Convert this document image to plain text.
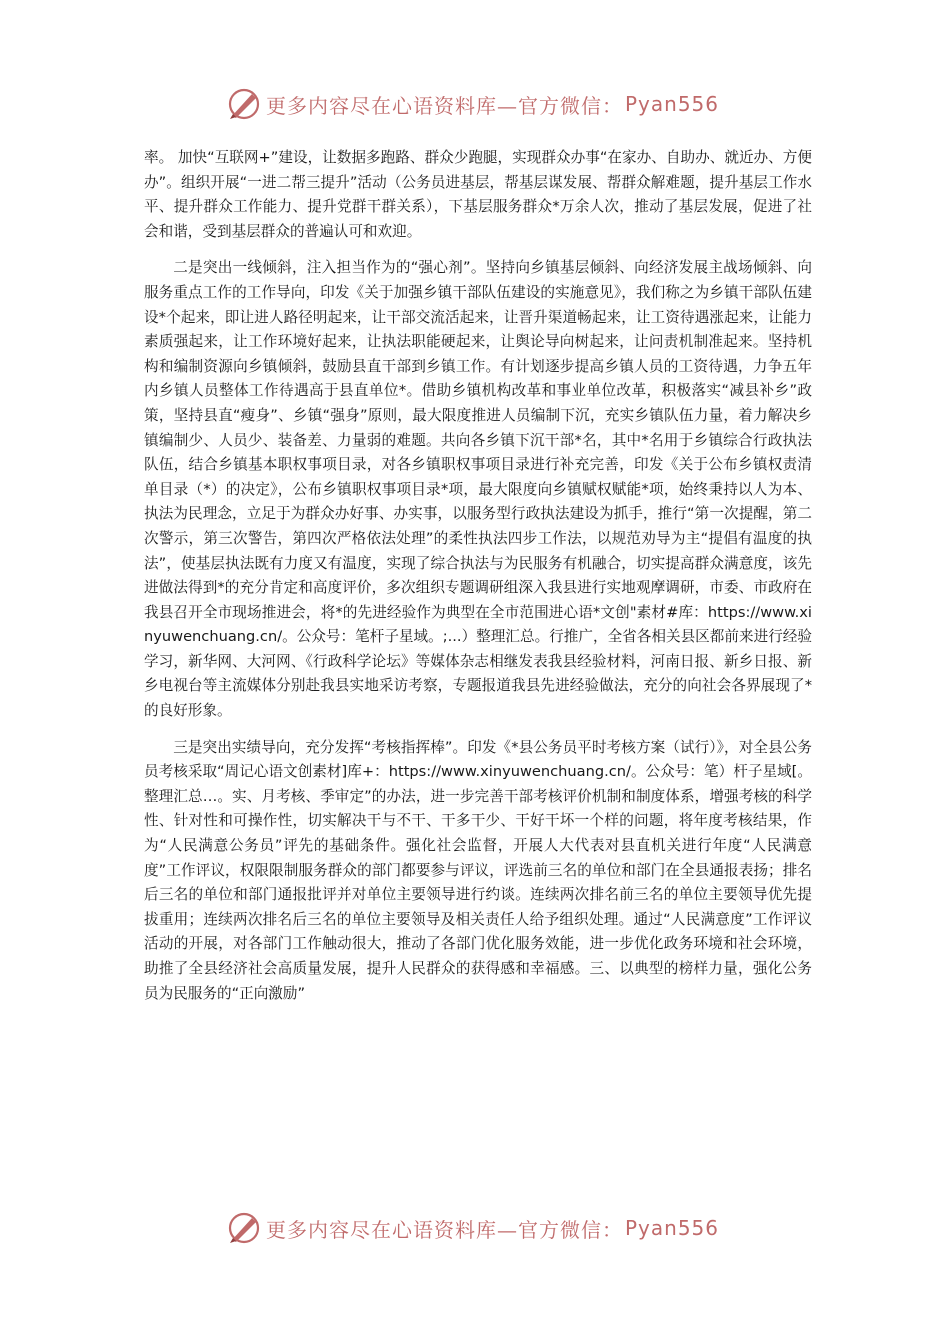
更多内容尽在心语资料库—官方微信： Pyan556

率。 加快“互联网+”建设，让数据多跑路、群众少跑腿，实现群众办事“在家办、自助办、就近办、方便办”。组织开展“一进二帮三提升”活动（公务员进基层，帮基层谋发展、帮群众解难题，提升基层工作水平、提升群众工作能力、提升党群干群关系），下基层服务群众*万余人次，推动了基层发展，促进了社会和谐，受到基层群众的普遍认可和欢迎。

二是突出一线倾斜，注入担当作为的“强心剂”。坚持向乡镇基层倾斜、向经济发展主战场倾斜、向服务重点工作的工作导向，印发《关于加强乡镇干部队伍建设的实施意见》，我们称之为乡镇干部队伍建设*个起来，即让进人路径明起来，让干部交流活起来，让晋升渠道畅起来，让工资待遇涨起来，让能力素质强起来，让工作环境好起来，让执法职能硬起来，让舆论导向树起来，让问责机制准起来。坚持机构和编制资源向乡镇倾斜，鼓励县直干部到乡镇工作。有计划逐步提高乡镇人员的工资待遇，力争五年内乡镇人员整体工作待遇高于县直单位*。借助乡镇机构改革和事业单位改革，积极落实“减县补乡”政策，坚持县直“瘦身”、乡镇“强身”原则，最大限度推进人员编制下沉，充实乡镇队伍力量，着力解决乡镇编制少、人员少、装备差、力量弱的难题。共向各乡镇下沉干部*名，其中*名用于乡镇综合行政执法队伍，结合乡镇基本职权事项目录，对各乡镇职权事项目录进行补充完善，印发《关于公布乡镇权责清单目录（*）的决定》，公布乡镇职权事项目录*项，最大限度向乡镇赋权赋能*项，始终秉持以人为本、执法为民理念，立足于为群众办好事、办实事，以服务型行政执法建设为抓手，推行“第一次提醒，第二次警示，第三次警告，第四次严格依法处理”的柔性执法四步工作法，以规范劝导为主“提倡有温度的执法”，使基层执法既有力度又有温度，实现了综合执法与为民服务有机融合，切实提高群众满意度，该先进做法得到*的充分肯定和高度评价，多次组织专题调研组深入我县进行实地观摩调研，市委、市政府在我县召开全市现场推进会，将*的先进经验作为典型在全市范围进心语*文创"素材#库：https://www.xinyuwenchuang.cn/。公众号：笔杆子星域。;...）整理汇总。行推广，全省各相关县区都前来进行经验学习，新华网、大河网、《行政科学论坛》等媒体杂志相继发表我县经验材料，河南日报、新乡日报、新乡电视台等主流媒体分别赴我县实地采访考察，专题报道我县先进经验做法，充分的向社会各界展现了*的良好形象。

三是突出实绩导向，充分发挥“考核指挥棒”。印发《*县公务员平时考核方案（试行）》，对全县公务员考核采取“周记心语文创素材]库+：https://www.xinyuwenchuang.cn/。公众号：笔）杆子星域[。整理汇总…。实、月考核、季审定”的办法，进一步完善干部考核评价机制和制度体系，增强考核的科学性、针对性和可操作性，切实解决干与不干、干多干少、干好干坏一个样的问题，将年度考核结果，作为“人民满意公务员”评先的基础条件。强化社会监督，开展人大代表对县直机关进行年度“人民满意度”工作评议，权限限制服务群众的部门都要参与评议，评选前三名的单位和部门在全县通报表扬；排名后三名的单位和部门通报批评并对单位主要领导进行约谈。连续两次排名前三名的单位主要领导优先提拔重用；连续两次排名后三名的单位主要领导及相关责任人给予组织处理。通过“人民满意度”工作评议活动的开展，对各部门工作触动很大，推动了各部门优化服务效能，进一步优化政务环境和社会环境，助推了全县经济社会高质量发展，提升人民群众的获得感和幸福感。三、以典型的榜样力量，强化公务员为民服务的“正向激励”

更多内容尽在心语资料库—官方微信： Pyan556
